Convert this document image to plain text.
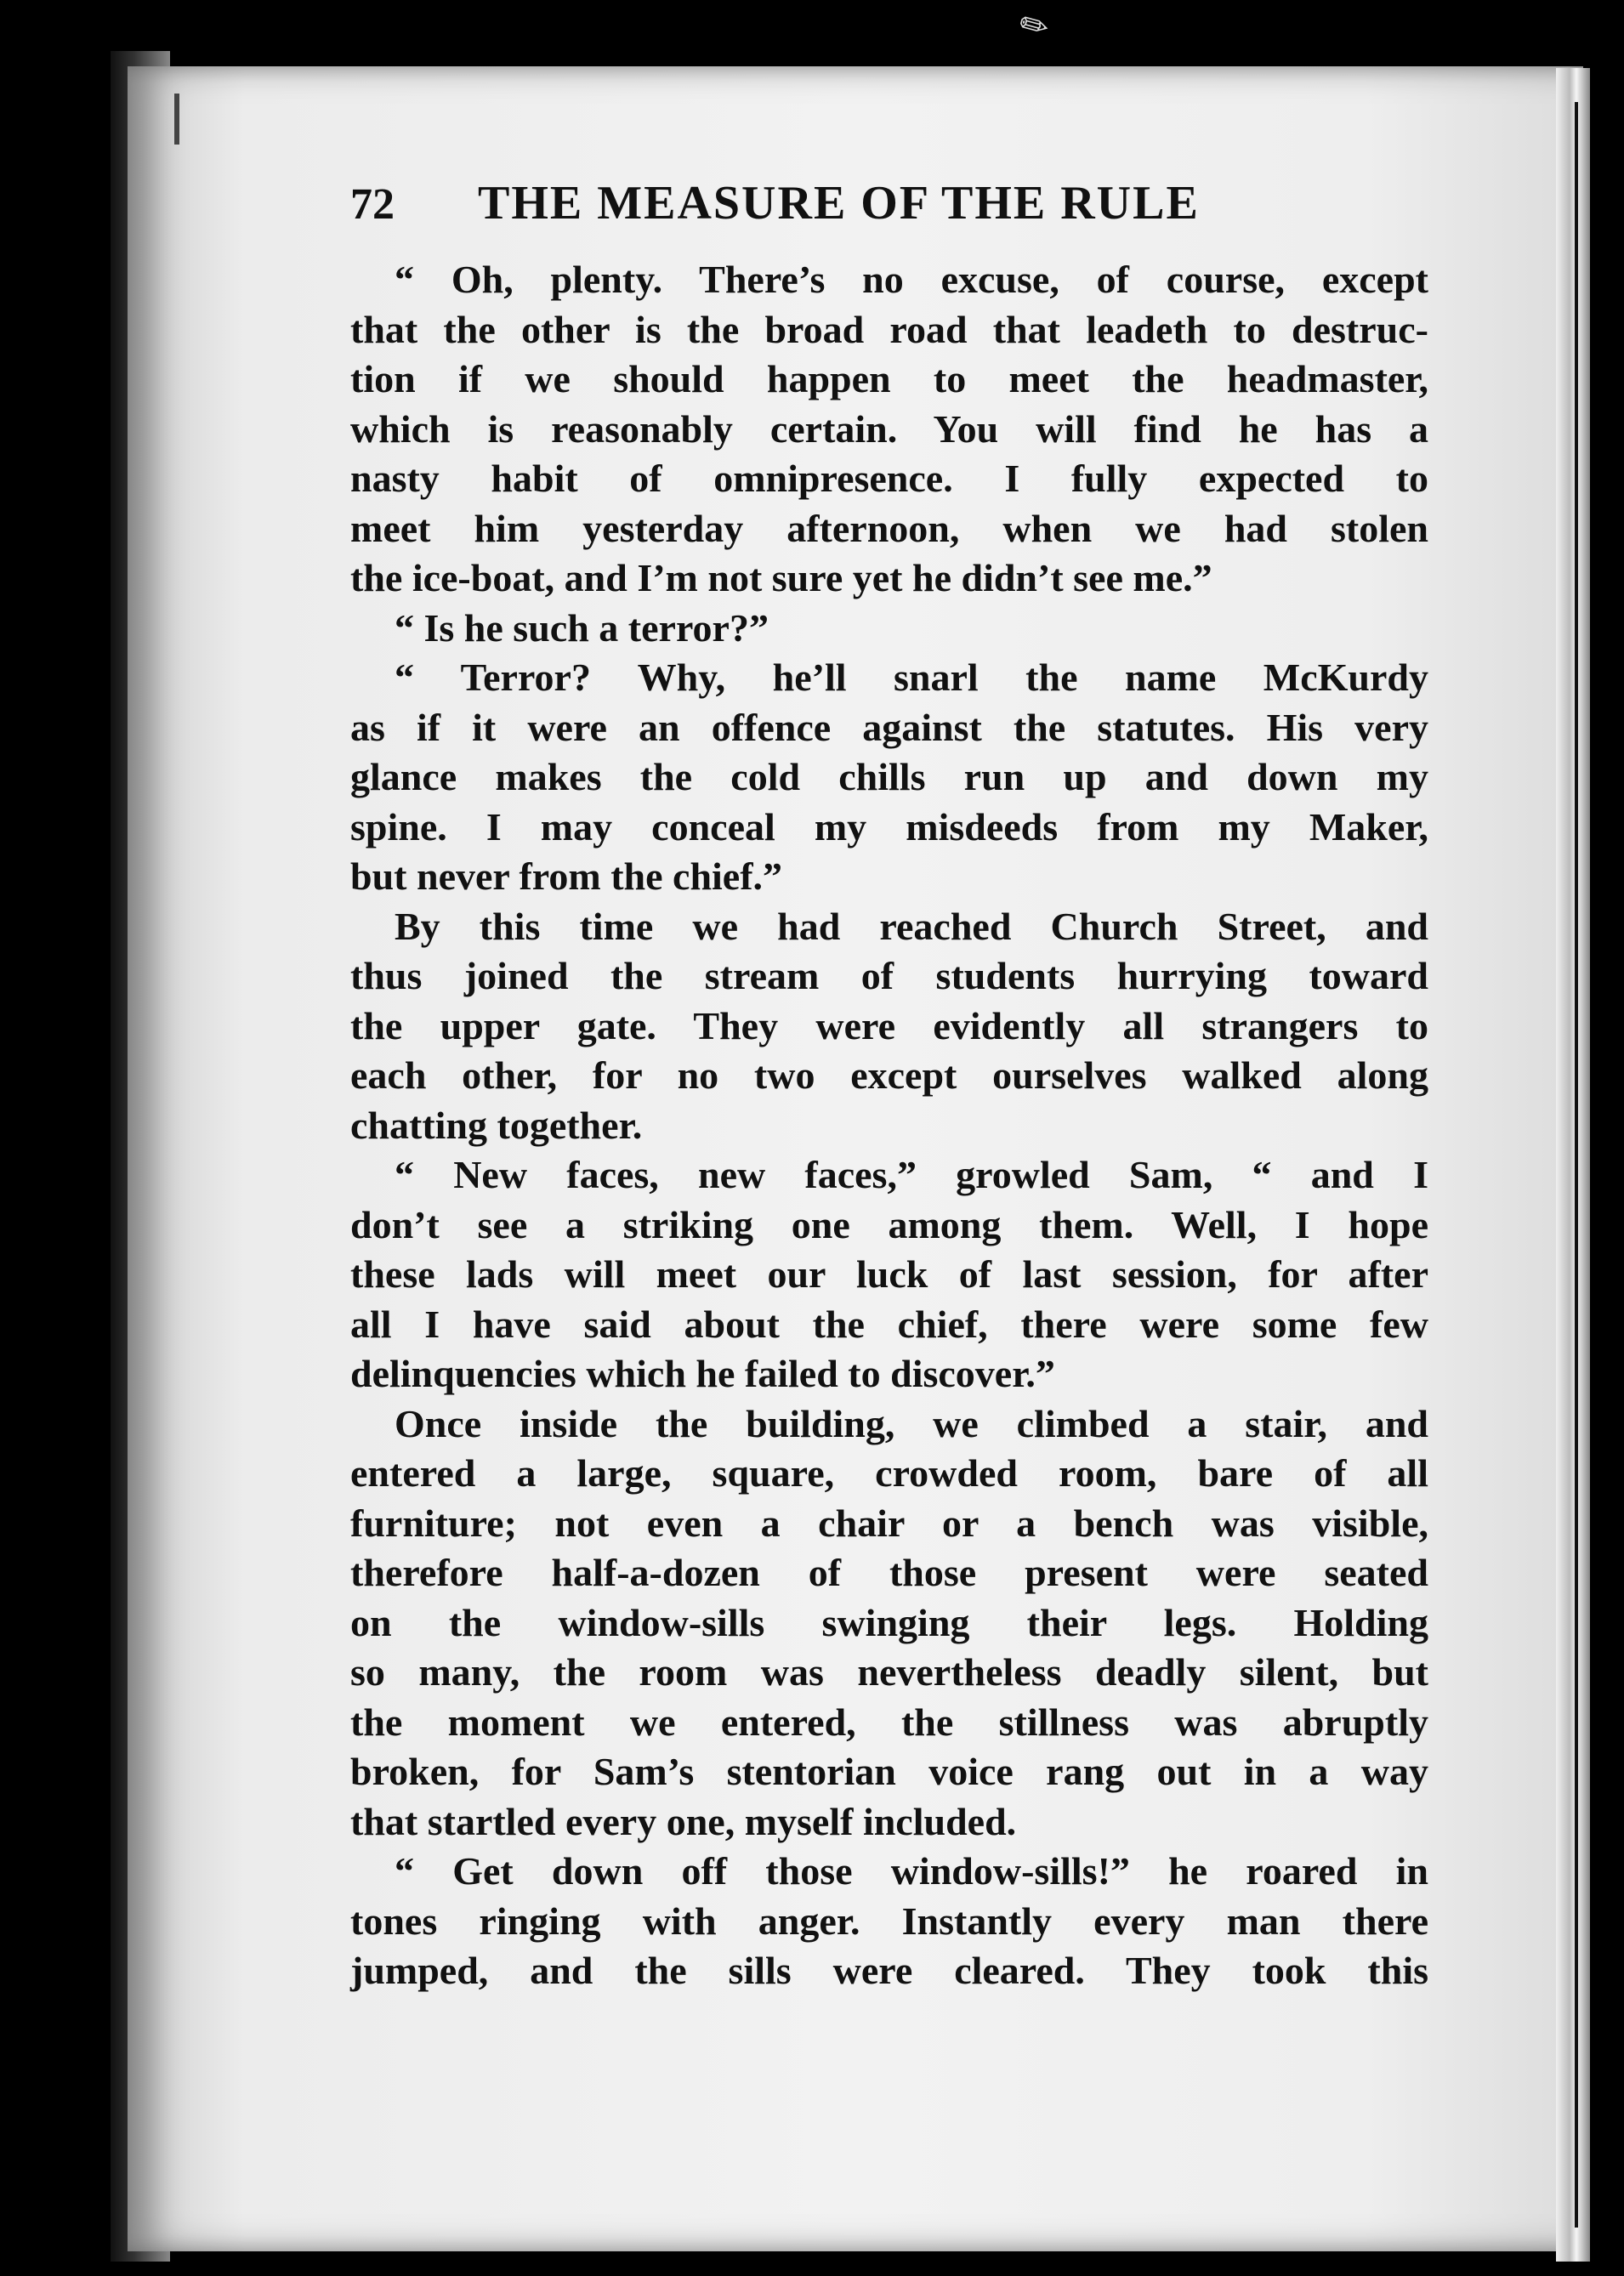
✎
72	THE MEASURE OF THE RULE
“ Oh, plenty. There’s no excuse, of course, except
that the other is the broad road that leadeth to destruc-
tion if we should happen to meet the headmaster,
which is reasonably certain. You will find he has a
nasty habit of omnipresence. I fully expected to
meet him yesterday afternoon, when we had stolen
the ice-boat, and I’m not sure yet he didn’t see me.”
“ Is he such a terror?”
“ Terror? Why, he’ll snarl the name McKurdy
as if it were an offence against the statutes. His very
glance makes the cold chills run up and down my
spine. I may conceal my misdeeds from my Maker,
but never from the chief.”
By this time we had reached Church Street, and
thus joined the stream of students hurrying toward
the upper gate. They were evidently all strangers to
each other, for no two except ourselves walked along
chatting together.
“ New faces, new faces,” growled Sam, “ and I
don’t see a striking one among them. Well, I hope
these lads will meet our luck of last session, for after
all I have said about the chief, there were some few
delinquencies which he failed to discover.”
Once inside the building, we climbed a stair, and
entered a large, square, crowded room, bare of all
furniture; not even a chair or a bench was visible,
therefore half-a-dozen of those present were seated
on the window-sills swinging their legs. Holding
so many, the room was nevertheless deadly silent, but
the moment we entered, the stillness was abruptly
broken, for Sam’s stentorian voice rang out in a way
that startled every one, myself included.
“ Get down off those window-sills!” he roared in
tones ringing with anger. Instantly every man there
jumped, and the sills were cleared. They took this
